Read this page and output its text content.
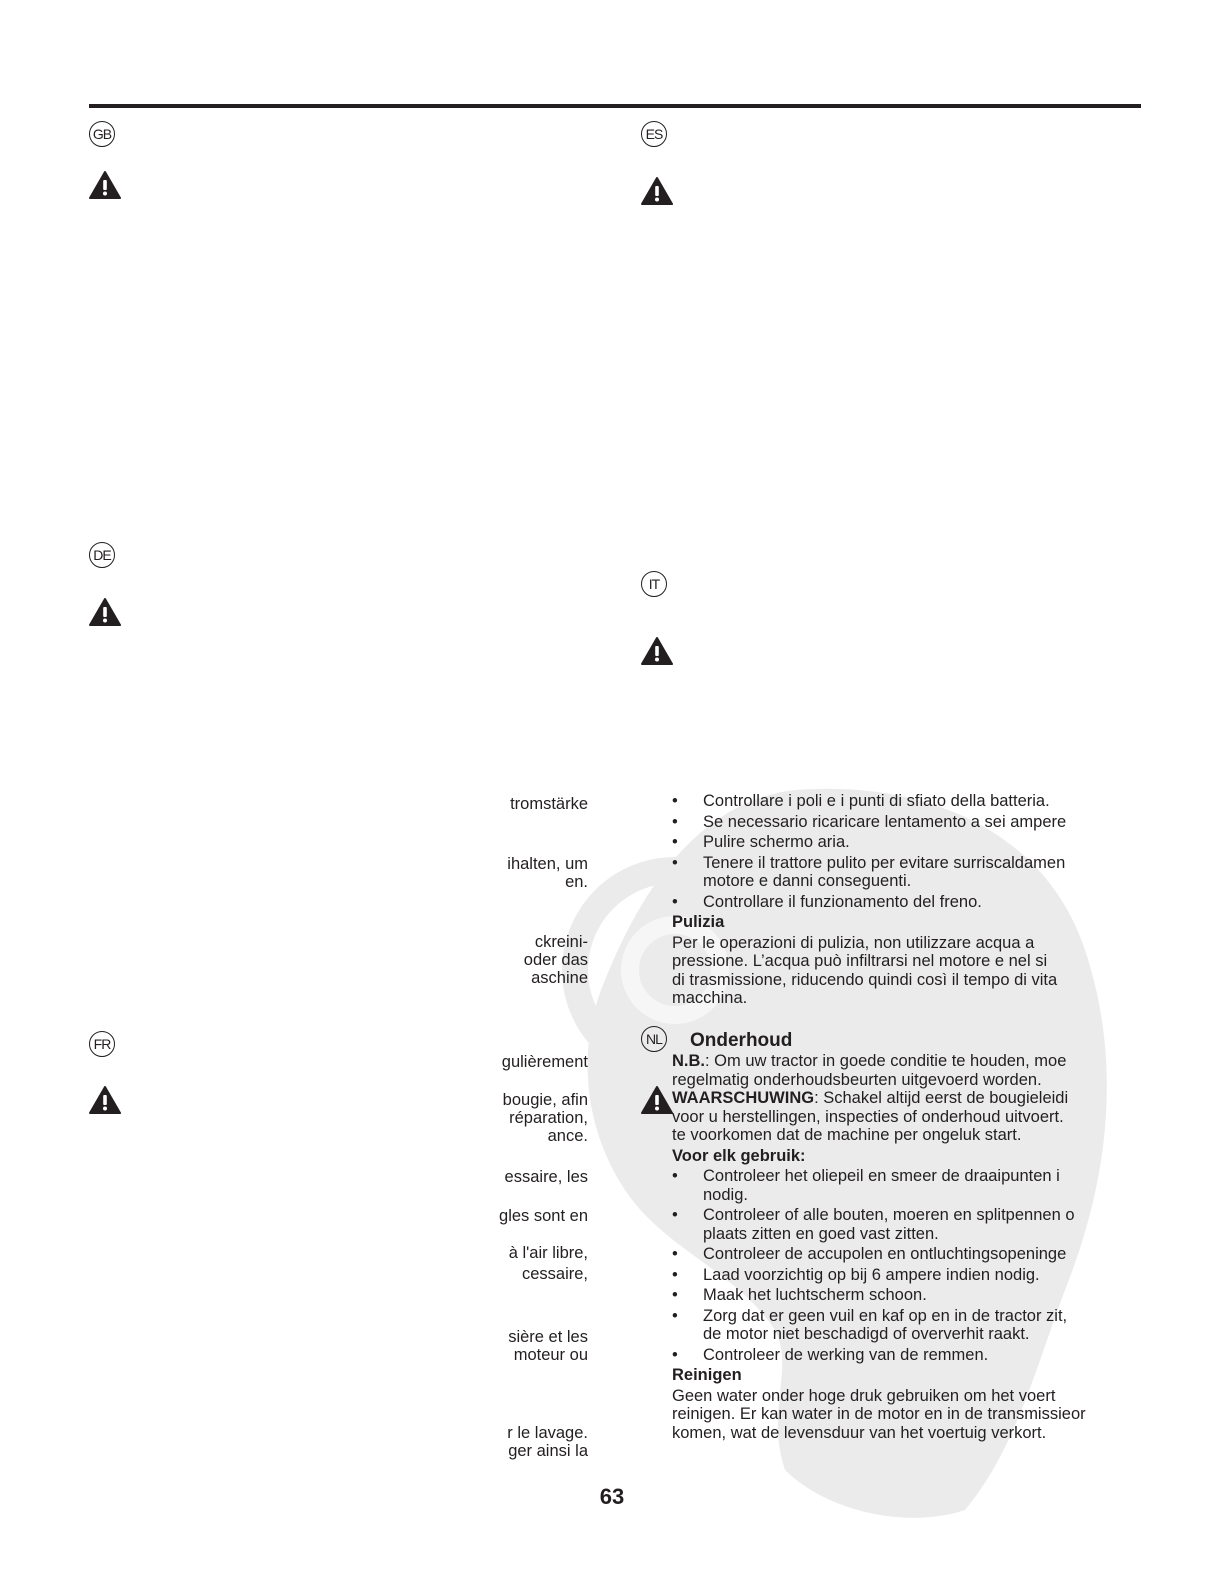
GB	ES
DE
IT
FR	NL
tromstärke
ihalten, um
en.
ckreini-
oder das
aschine
gulièrement
bougie, afin
réparation,
ance.
essaire, les
gles sont en
à l'air libre,
cessaire,
sière et les
moteur ou
r le lavage.
ger ainsi la
• Controllare i poli e i punti di sfiato della batteria.
• Se necessario ricaricare lentamento a sei ampere
• Pulire schermo aria.
• Tenere il trattore pulito per evitare surriscaldamen
motore e danni conseguenti.
• Controllare il funzionamento del freno.
Pulizia
Per le operazioni di pulizia, non utilizzare acqua a
pressione. L’acqua può infiltrarsi nel motore e nel si
di trasmissione, riducendo quindi così il tempo di vita
macchina.
Onderhoud
N.B.: Om uw tractor in goede conditie te houden, moe
regelmatig onderhoudsbeurten uitgevoerd worden.
WAARSCHUWING: Schakel altijd eerst de bougieleidi
voor u herstellingen, inspecties of onderhoud uitvoert.
te voorkomen dat de machine per ongeluk start.
Voor elk gebruik:
• Controleer het oliepeil en smeer de draaipunten i
nodig.
• Controleer of alle bouten, moeren en splitpennen o
plaats zitten en goed vast zitten.
• Controleer de accupolen en ontluchtingsopeninge
• Laad voorzichtig op bij 6 ampere indien nodig.
• Maak het luchtscherm schoon.
• Zorg dat er geen vuil en kaf op en in de tractor zit,
de motor niet beschadigd of oververhit raakt.
• Controleer de werking van de remmen.
Reinigen
Geen water onder hoge druk gebruiken om het voert
reinigen. Er kan water in de motor en in de transmissieor
komen, wat de levensduur van het voertuig verkort.
63
